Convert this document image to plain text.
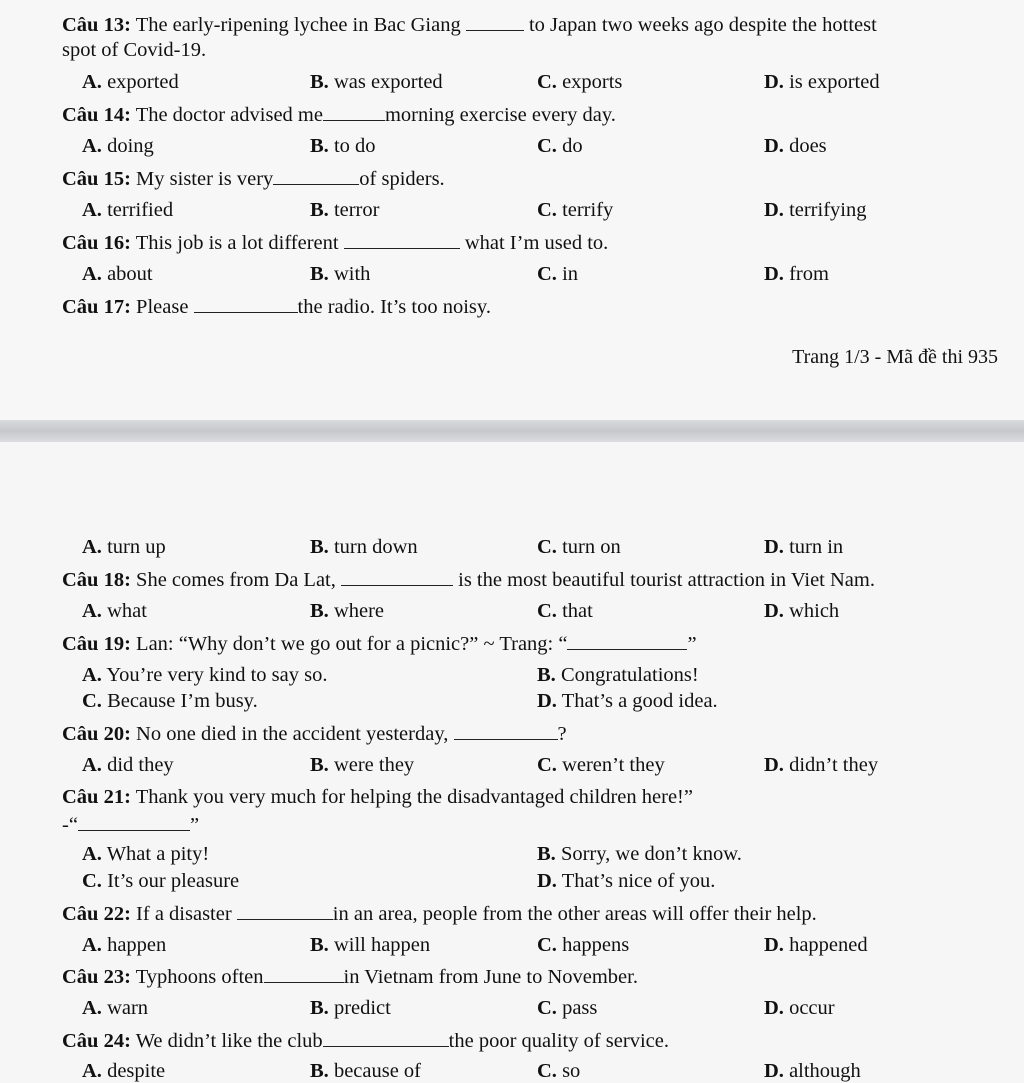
Câu 13: The early-ripening lychee in Bac Giang	to Japan two weeks ago despite the hottest
spot of Covid-19.
A. exported	B. was exported	C. exports	D. is exported
Câu 14: The doctor advised me	morning exercise every day.
A. doing	B. to do	C. do	D. does
Câu 15: My sister is very	of spiders.
A. terrified	B. terror	C. terrify	D. terrifying
Câu 16: This job is a lot different	what I’m used to.
A. about	B. with	C. in	D. from
Câu 17: Please	the radio. It’s too noisy.
Trang 1/3 - Mã đề thi 935
A. turn up	B. turn down	C. turn on	D. turn in
Câu 18: She comes from Da Lat,	is the most beautiful tourist attraction in Viet Nam.
A. what	B. where	C. that	D. which
Câu 19: Lan: “Why don’t we go out for a picnic?” ~ Trang: “	”
A. You’re very kind to say so.	B. Congratulations!
C. Because I’m busy.	D. That’s a good idea.
Câu 20: No one died in the accident yesterday,	?
A. did they	B. were they	C. weren’t they	D. didn’t they
Câu 21: Thank you very much for helping the disadvantaged children here!”
-“	”
A. What a pity!	B. Sorry, we don’t know.
C. It’s our pleasure	D. That’s nice of you.
Câu 22: If a disaster	in an area, people from the other areas will offer their help.
A. happen	B. will happen	C. happens	D. happened
Câu 23: Typhoons often	in Vietnam from June to November.
A. warn	B. predict	C. pass	D. occur
Câu 24: We didn’t like the club	the poor quality of service.
A. despite	B. because of	C. so	D. although
